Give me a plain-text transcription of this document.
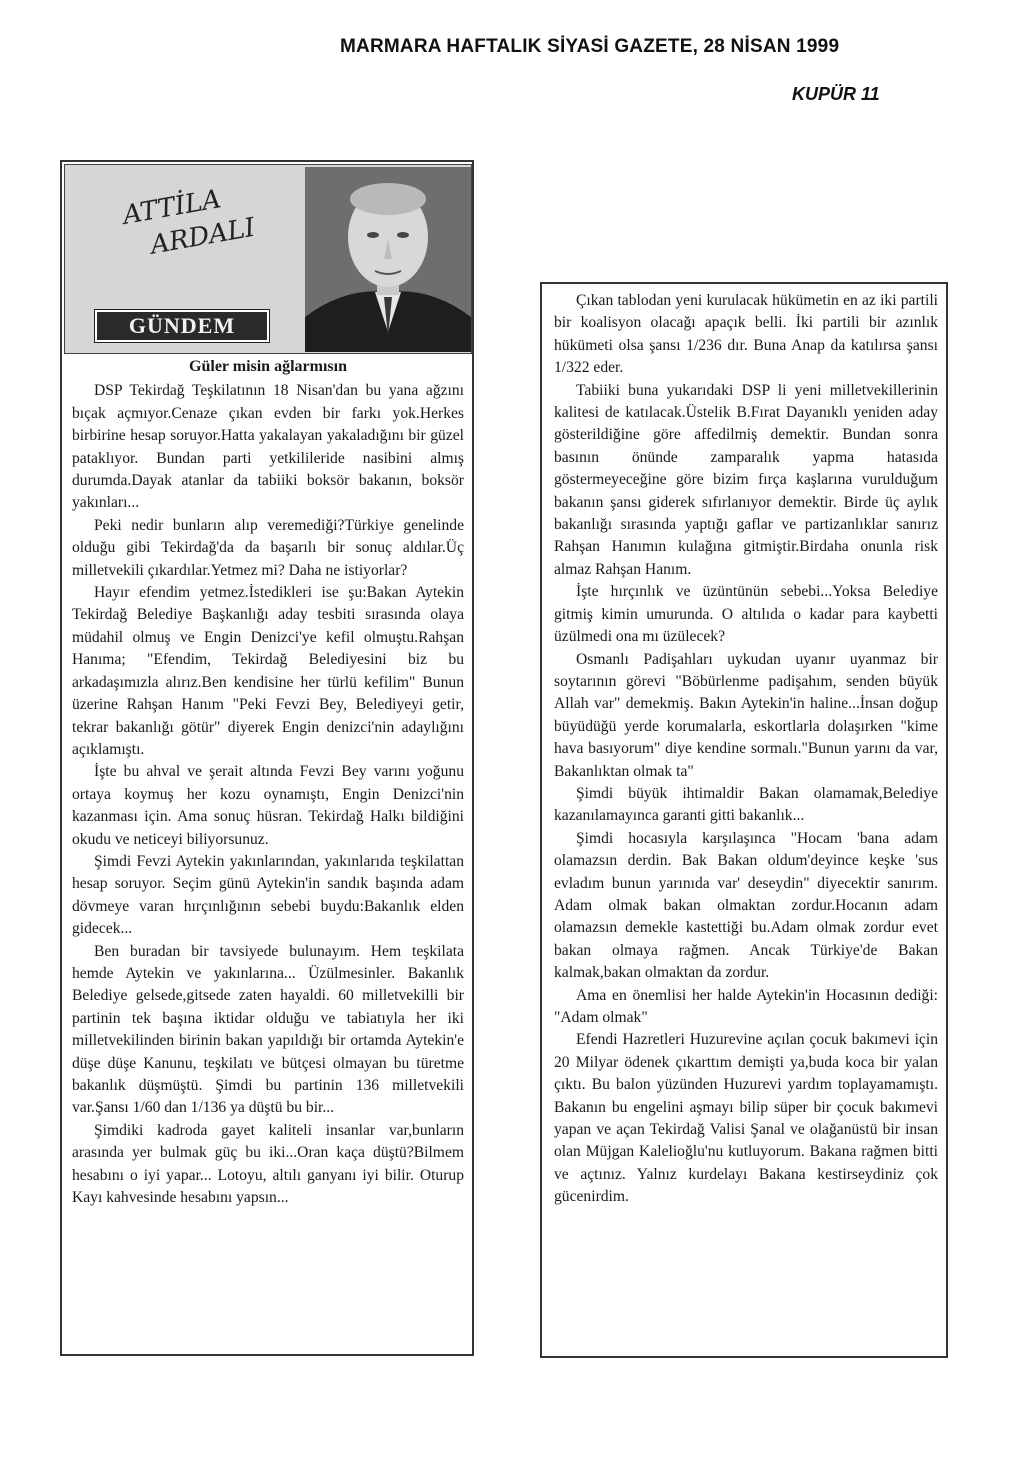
MARMARA HAFTALIK SİYASİ GAZETE, 28 NİSAN 1999
KUPÜR 11
ATTİLA
ARDALI
GÜNDEM
Güler misin ağlarmısın

DSP Tekirdağ Teşkilatının 18 Nisan'dan bu yana ağzını bıçak açmıyor.Cenaze çıkan evden bir farkı yok.Herkes birbirine hesap soruyor.Hatta yakalayan yakaladığını bir güzel pataklıyor. Bundan parti yetkilileride nasibini almış durumda.Dayak atanlar da tabiiki boksör bakanın, boksör yakınları...

Peki nedir bunların alıp veremediği?Türkiye genelinde olduğu gibi Tekirdağ'da da başarılı bir sonuç aldılar.Üç milletvekili çıkardılar.Yetmez mi? Daha ne istiyorlar?

Hayır efendim yetmez.İstedikleri ise şu:Bakan Aytekin Tekirdağ Belediye Başkanlığı aday tesbiti sırasında olaya müdahil olmuş ve Engin Denizci'ye kefil olmuştu.Rahşan Hanıma; "Efendim, Tekirdağ Belediyesini biz bu arkadaşımızla alırız.Ben kendisine her türlü kefilim" Bunun üzerine Rahşan Hanım "Peki Fevzi Bey, Belediyeyi getir, tekrar bakanlığı götür" diyerek Engin denizci'nin adaylığını açıklamıştı.

İşte bu ahval ve şerait altında Fevzi Bey varını yoğunu ortaya koymuş her kozu oynamıştı, Engin Denizci'nin kazanması için. Ama sonuç hüsran. Tekirdağ Halkı bildiğini okudu ve neticeyi biliyorsunuz.

Şimdi Fevzi Aytekin yakınlarından, yakınlarıda teşkilattan hesap soruyor. Seçim günü Aytekin'in sandık başında adam dövmeye varan hırçınlığının sebebi buydu:Bakanlık elden gidecek...

Ben buradan bir tavsiyede bulunayım. Hem teşkilata hemde Aytekin ve yakınlarına... Üzülmesinler. Bakanlık Belediye gelsede,gitsede zaten hayaldi. 60 milletvekilli bir partinin tek başına iktidar olduğu ve tabiatıyla her iki milletvekilinden birinin bakan yapıldığı bir ortamda Aytekin'e düşe düşe Kanunu, teşkilatı ve bütçesi olmayan bu türetme bakanlık düşmüştü. Şimdi bu partinin 136 milletvekili var.Şansı 1/60 dan 1/136 ya düştü bu bir...

Şimdiki kadroda gayet kaliteli insanlar var,bunların arasında yer bulmak güç bu iki...Oran kaça düştü?Bilmem hesabını o iyi yapar... Lotoyu, altılı ganyanı iyi bilir. Oturup Kayı kahvesinde hesabını yapsın...

Çıkan tablodan yeni kurulacak hükümetin en az iki partili bir koalisyon olacağı apaçık belli. İki partili bir azınlık hükümeti olsa şansı 1/236 dır. Buna Anap da katılırsa şansı 1/322 eder.

Tabiiki buna yukarıdaki DSP li yeni milletvekillerinin kalitesi de katılacak.Üstelik B.Fırat Dayanıklı yeniden aday gösterildiğine göre affedilmiş demektir. Bundan sonra basının önünde zamparalık yapma hatasıda göstermeyeceğine göre bizim fırça kaşlarına vurulduğum bakanın şansı giderek sıfırlanıyor demektir. Birde üç aylık bakanlığı sırasında yaptığı gaflar ve partizanlıklar sanırız Rahşan Hanımın kulağına gitmiştir.Birdaha onunla risk almaz Rahşan Hanım.

İşte hırçınlık ve üzüntünün sebebi...Yoksa Belediye gitmiş kimin umurunda. O altılıda o kadar para kaybetti üzülmedi ona mı üzülecek?

Osmanlı Padişahları uykudan uyanır uyanmaz bir soytarının görevi "Böbürlenme padişahım, senden büyük Allah var" demekmiş. Bakın Aytekin'in haline...İnsan doğup büyüdüğü yerde korumalarla, eskortlarla dolaşırken "kime hava basıyorum" diye kendine sormalı."Bunun yarını da var, Bakanlıktan olmak ta"

Şimdi büyük ihtimaldir Bakan olamamak,Belediye kazanılamayınca garanti gitti bakanlık...

Şimdi hocasıyla karşılaşınca "Hocam 'bana adam olamazsın derdin. Bak Bakan oldum'deyince keşke 'sus evladım bunun yarınıda var' deseydin" diyecektir sanırım. Adam olmak bakan olmaktan zordur.Hocanın adam olamazsın demekle kastettiği bu.Adam olmak zordur evet bakan olmaya rağmen. Ancak Türkiye'de Bakan kalmak,bakan olmaktan da zordur.

Ama en önemlisi her halde Aytekin'in Hocasının dediği: "Adam olmak"

Efendi Hazretleri Huzurevine açılan çocuk bakımevi için 20 Milyar ödenek çıkarttım demişti ya,buda koca bir yalan çıktı. Bu balon yüzünden Huzurevi yardım toplayamamıştı. Bakanın bu engelini aşmayı bilip süper bir çocuk bakımevi yapan ve açan Tekirdağ Valisi Şanal ve olağanüstü bir insan olan Müjgan Kalelioğlu'nu kutluyorum. Bakana rağmen bitti ve açtınız. Yalnız kurdelayı Bakana kestirseydiniz çok gücenirdim.
